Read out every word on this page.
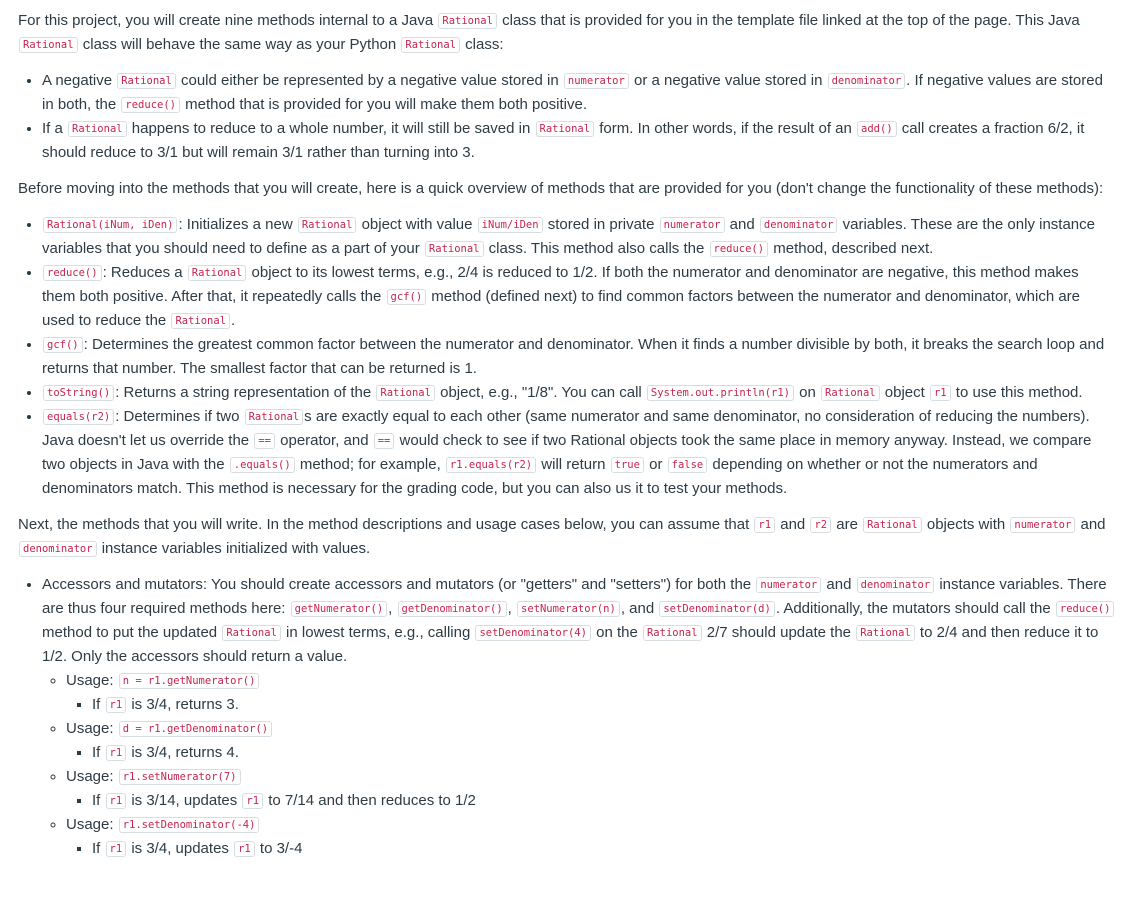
For this project, you will create nine methods internal to a Java Rational class that is provided for you in the template file linked at the top of the page. This Java Rational class will behave the same way as your Python Rational class:

• A negative Rational could either be represented by a negative value stored in numerator or a negative value stored in denominator . If negative values are stored in both, the reduce() method that is provided for you will make them both positive.
• If a Rational happens to reduce to a whole number, it will still be saved in Rational form. In other words, if the result of an add() call creates a fraction 6/2, it should reduce to 3/1 but will remain 3/1 rather than turning into 3.

Before moving into the methods that you will create, here is a quick overview of methods that are provided for you (don't change the functionality of these methods):

• Rational(iNum, iDen) : Initializes a new Rational object with value iNum/iDen stored in private numerator and denominator variables. These are the only instance variables that you should need to define as a part of your Rational class. This method also calls the reduce() method, described next.
• reduce() : Reduces a Rational object to its lowest terms, e.g., 2/4 is reduced to 1/2. If both the numerator and denominator are negative, this method makes them both positive. After that, it repeatedly calls the gcf() method (defined next) to find common factors between the numerator and denominator, which are used to reduce the Rational .
• gcf() : Determines the greatest common factor between the numerator and denominator. When it finds a number divisible by both, it breaks the search loop and returns that number. The smallest factor that can be returned is 1.
• toString() : Returns a string representation of the Rational object, e.g., "1/8". You can call System.out.println(r1) on Rational object r1 to use this method.
• equals(r2) : Determines if two Rational s are exactly equal to each other (same numerator and same denominator, no consideration of reducing the numbers). Java doesn't let us override the == operator, and == would check to see if two Rational objects took the same place in memory anyway. Instead, we compare two objects in Java with the .equals() method; for example, r1.equals(r2) will return true or false depending on whether or not the numerators and denominators match. This method is necessary for the grading code, but you can also us it to test your methods.

Next, the methods that you will write. In the method descriptions and usage cases below, you can assume that r1 and r2 are Rational objects with numerator and denominator instance variables initialized with values.

• Accessors and mutators: You should create accessors and mutators (or "getters" and "setters") for both the numerator and denominator instance variables. There are thus four required methods here: getNumerator() , getDenominator() , setNumerator(n) , and setDenominator(d) . Additionally, the mutators should call the reduce() method to put the updated Rational in lowest terms, e.g., calling setDenominator(4) on the Rational 2/7 should update the Rational to 2/4 and then reduce it to 1/2. Only the accessors should return a value.
◦ Usage: n = r1.getNumerator()
▪ If r1 is 3/4, returns 3.
◦ Usage: d = r1.getDenominator()
▪ If r1 is 3/4, returns 4.
◦ Usage: r1.setNumerator(7)
▪ If r1 is 3/14, updates r1 to 7/14 and then reduces to 1/2
◦ Usage: r1.setDenominator(-4)
▪ If r1 is 3/4, updates r1 to 3/-4
